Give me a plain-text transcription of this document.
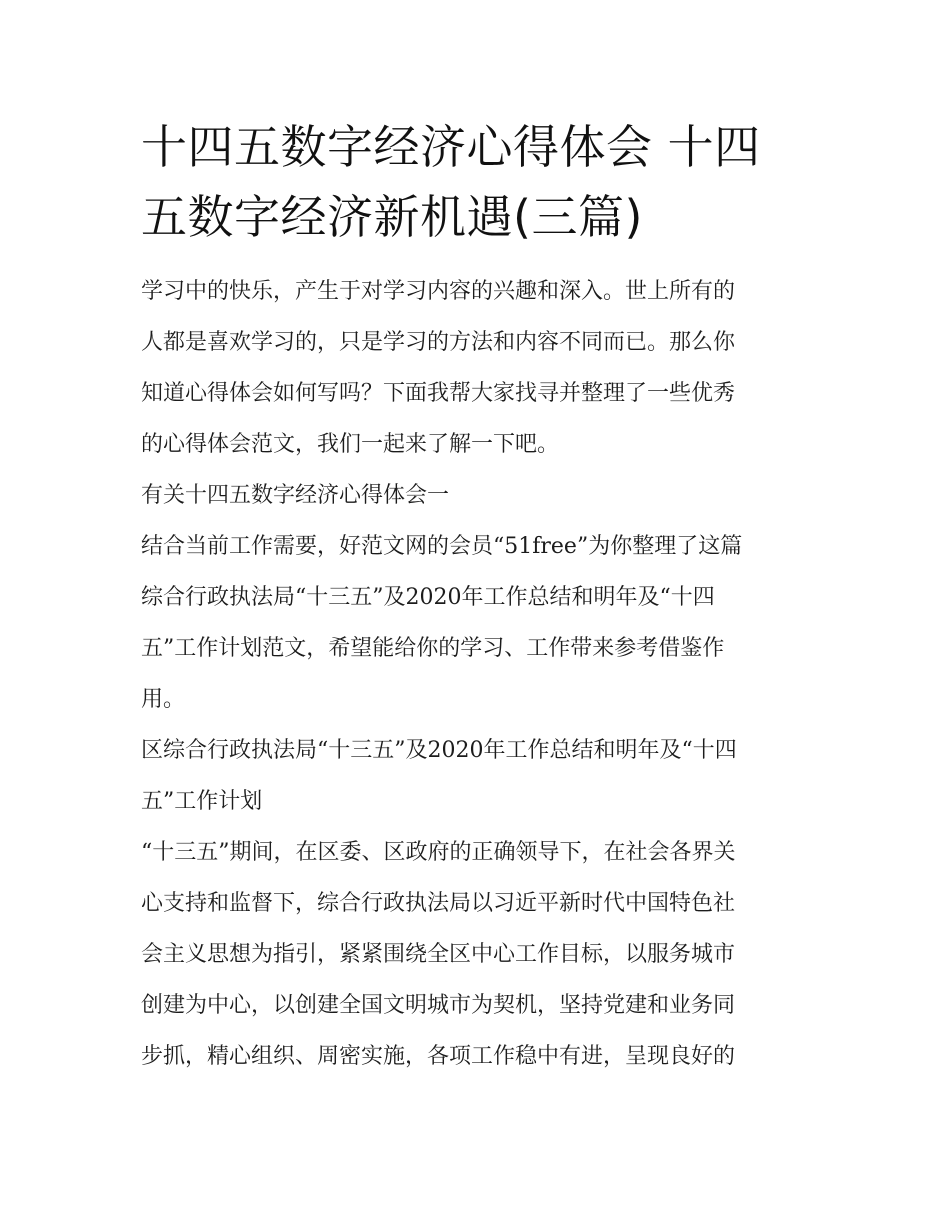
十四五数字经济心得体会 十四
五数字经济新机遇(三篇)
学习中的快乐，产生于对学习内容的兴趣和深入。世上所有的
人都是喜欢学习的，只是学习的方法和内容不同而已。那么你
知道心得体会如何写吗？下面我帮大家找寻并整理了一些优秀
的心得体会范文，我们一起来了解一下吧。
有关十四五数字经济心得体会一
结合当前工作需要，好范文网的会员“51free”为你整理了这篇
综合行政执法局“十三五”及2020年工作总结和明年及“十四
五”工作计划范文，希望能给你的学习、工作带来参考借鉴作
用。
区综合行政执法局“十三五”及2020年工作总结和明年及“十四
五”工作计划
“十三五”期间，在区委、区政府的正确领导下，在社会各界关
心支持和监督下，综合行政执法局以习近平新时代中国特色社
会主义思想为指引，紧紧围绕全区中心工作目标，以服务城市
创建为中心，以创建全国文明城市为契机，坚持党建和业务同
步抓，精心组织、周密实施，各项工作稳中有进，呈现良好的
